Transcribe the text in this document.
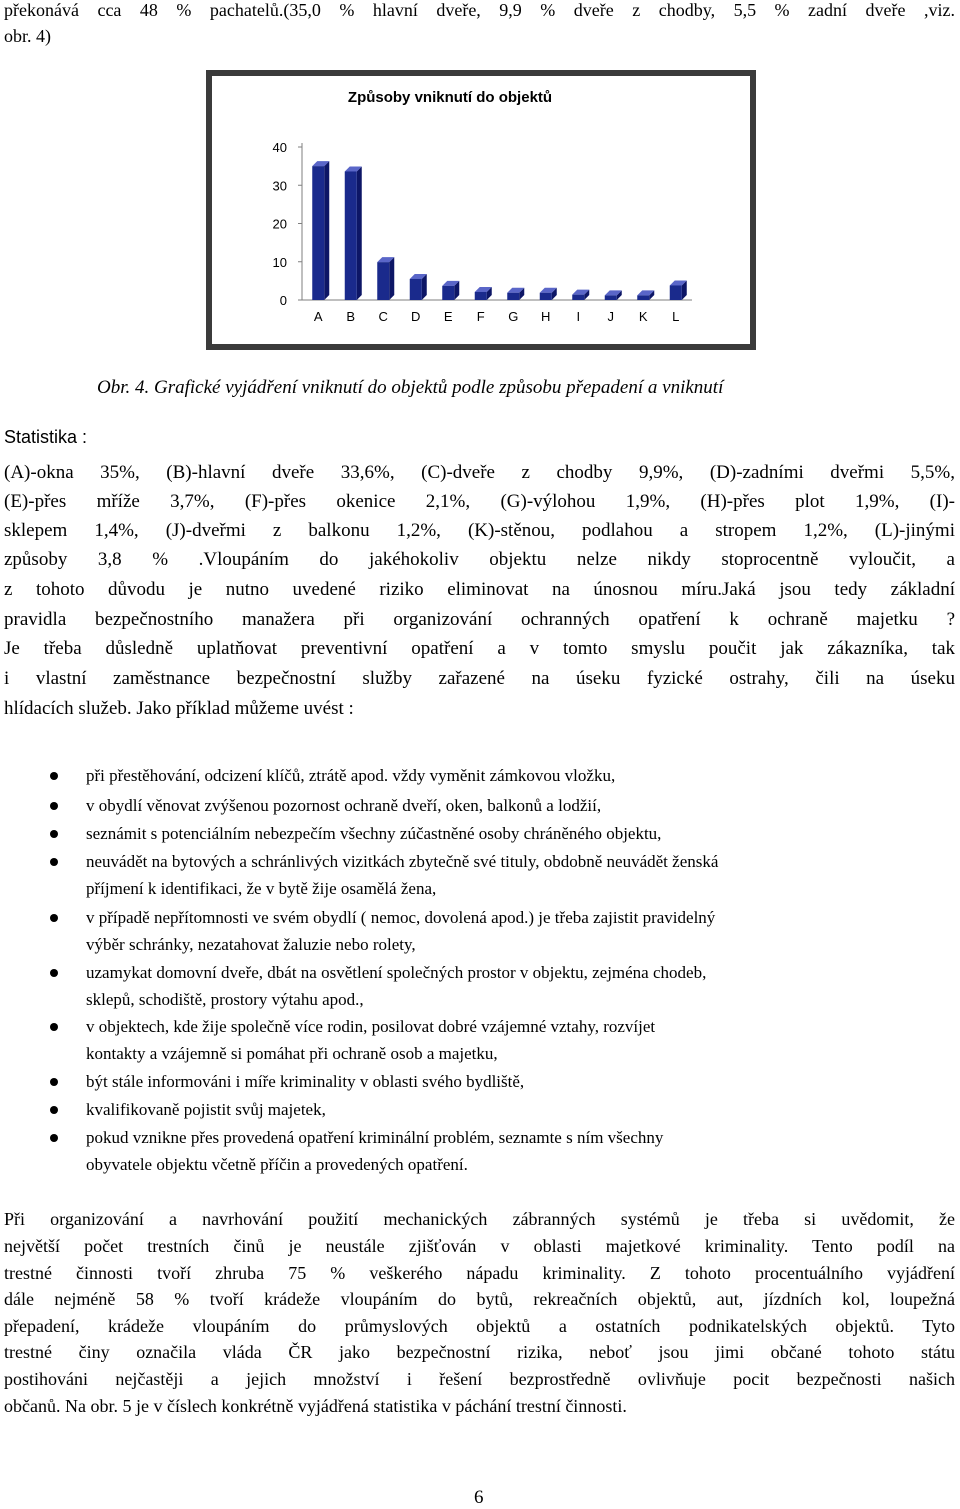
překonává cca 48 % pachatelů.(35,0 % hlavní dveře, 9,9 % dveře z chodby, 5,5 % zadní dveře ,viz.
obr. 4)
Způsoby vniknutí do objektů
0
10
20
30
40
A B C D E F G H I J K L
Obr. 4. Grafické vyjádření vniknutí do objektů podle způsobu přepadení a vniknutí
Statistika :
(A)-okna 35%, (B)-hlavní dveře 33,6%, (C)-dveře z chodby 9,9%, (D)-zadními dveřmi 5,5%,
(E)-přes mříže 3,7%, (F)-přes okenice 2,1%, (G)-výlohou 1,9%, (H)-přes plot 1,9%, (I)-
sklepem 1,4%, (J)-dveřmi z balkonu 1,2%, (K)-stěnou, podlahou a stropem 1,2%, (L)-jinými
způsoby 3,8 % .Vloupáním do jakéhokoliv objektu nelze nikdy stoprocentně vyloučit, a
z tohoto důvodu je nutno uvedené riziko eliminovat na únosnou míru.Jaká jsou tedy základní
pravidla bezpečnostního manažera při organizování ochranných opatření k ochraně majetku ?
Je třeba důsledně uplatňovat preventivní opatření a v tomto smyslu poučit jak zákazníka, tak
i vlastní zaměstnance bezpečnostní služby zařazené na úseku fyzické ostrahy, čili na úseku
hlídacích služeb. Jako příklad můžeme uvést :
při přestěhování, odcizení klíčů, ztrátě apod. vždy vyměnit zámkovou vložku,
v obydlí věnovat zvýšenou pozornost ochraně dveří, oken, balkonů a lodžií,
seznámit s potenciálním nebezpečím všechny zúčastněné osoby chráněného objektu,
neuvádět na bytových a schránlivých vizitkách zbytečně své tituly, obdobně neuvádět ženská
příjmení k identifikaci, že v bytě žije osamělá žena,
v případě nepřítomnosti ve svém obydlí ( nemoc, dovolená apod.) je třeba zajistit pravidelný
výběr schránky, nezatahovat žaluzie nebo rolety,
uzamykat domovní dveře, dbát na osvětlení společných prostor v objektu, zejména chodeb,
sklepů, schodiště, prostory výtahu apod.,
v objektech, kde žije společně více rodin, posilovat dobré vzájemné vztahy, rozvíjet
kontakty a vzájemně si pomáhat při ochraně osob a majetku,
být stále informováni i míře kriminality v oblasti svého bydliště,
kvalifikovaně pojistit svůj majetek,
pokud vznikne přes provedená opatření kriminální problém, seznamte s ním všechny
obyvatele objektu včetně příčin a provedených opatření.
Při organizování a navrhování použití mechanických zábranných systémů je třeba si uvědomit, že
největší počet trestních činů je neustále zjišťován v oblasti majetkové kriminality. Tento podíl na
trestné činnosti tvoří zhruba 75 % veškerého nápadu kriminality. Z tohoto procentuálního vyjádření
dále nejméně 58 % tvoří krádeže vloupáním do bytů, rekreačních objektů, aut, jízdních kol, loupežná
přepadení, krádeže vloupáním do průmyslových objektů a ostatních podnikatelských objektů. Tyto
trestné činy označila vláda ČR jako bezpečnostní rizika, neboť jsou jimi občané tohoto státu
postihováni nejčastěji a jejich množství i řešení bezprostředně ovlivňuje pocit bezpečnosti našich
občanů. Na obr. 5 je v číslech konkrétně vyjádřená statistika v páchání trestní činnosti.
6
